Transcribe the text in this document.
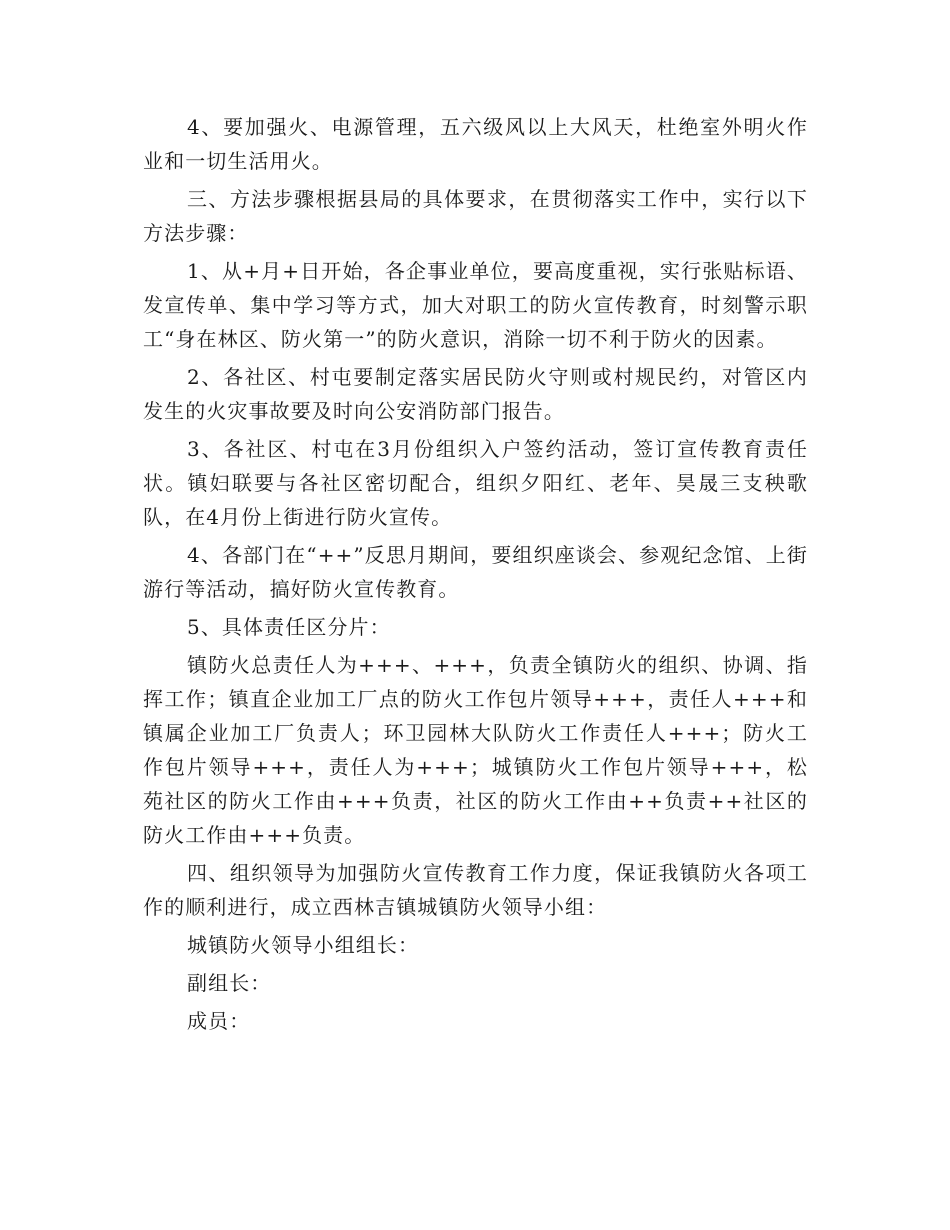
4、要加强火、电源管理，五六级风以上大风天，杜绝室外明火作业和一切生活用火。

三、方法步骤根据县局的具体要求，在贯彻落实工作中，实行以下方法步骤：

1、从+月+日开始，各企事业单位，要高度重视，实行张贴标语、发宣传单、集中学习等方式，加大对职工的防火宣传教育，时刻警示职工“身在林区、防火第一”的防火意识，消除一切不利于防火的因素。

2、各社区、村屯要制定落实居民防火守则或村规民约，对管区内发生的火灾事故要及时向公安消防部门报告。

3、各社区、村屯在3月份组织入户签约活动，签订宣传教育责任状。镇妇联要与各社区密切配合，组织夕阳红、老年、昊晟三支秧歌队，在4月份上街进行防火宣传。

4、各部门在“++”反思月期间，要组织座谈会、参观纪念馆、上街游行等活动，搞好防火宣传教育。

5、具体责任区分片：

镇防火总责任人为+++、+++，负责全镇防火的组织、协调、指挥工作；镇直企业加工厂点的防火工作包片领导+++，责任人+++和镇属企业加工厂负责人；环卫园林大队防火工作责任人+++；防火工作包片领导+++，责任人为+++；城镇防火工作包片领导+++，松苑社区的防火工作由+++负责，社区的防火工作由++负责++社区的防火工作由+++负责。

四、组织领导为加强防火宣传教育工作力度，保证我镇防火各项工作的顺利进行，成立西林吉镇城镇防火领导小组：

城镇防火领导小组组长：

副组长：

成员：
